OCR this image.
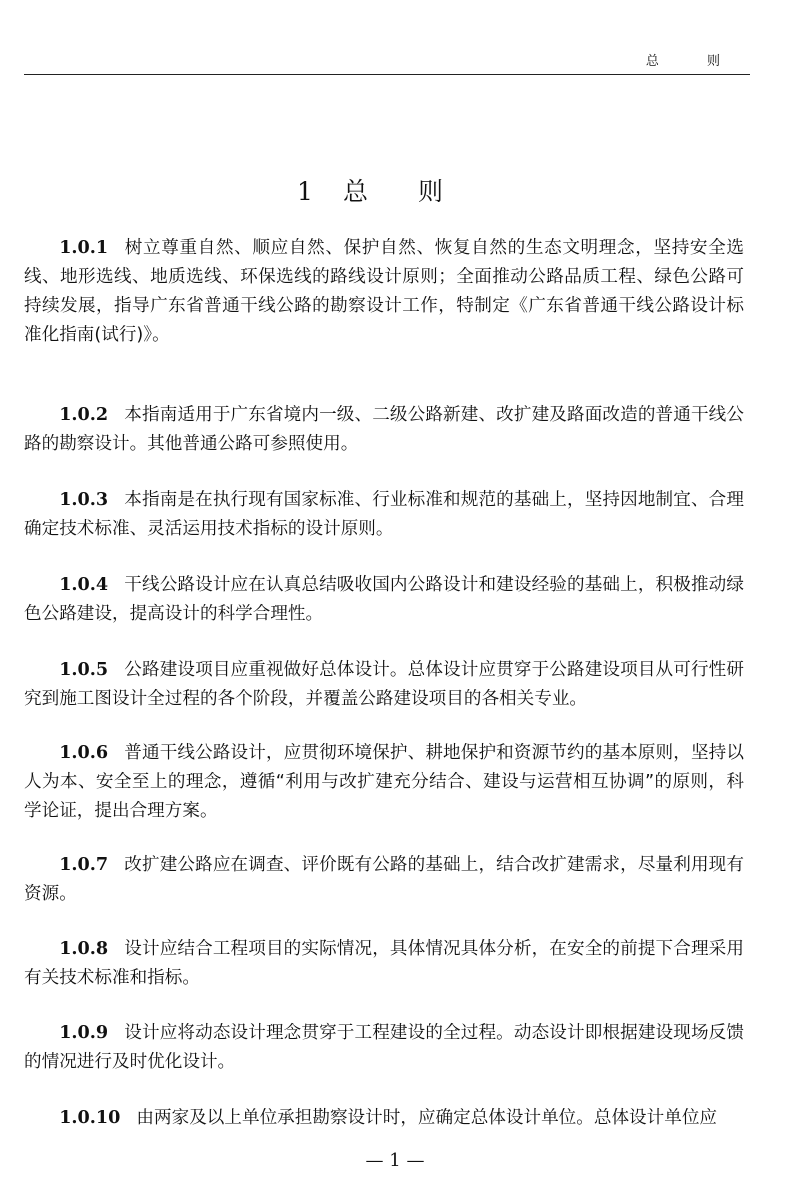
总 则
1 总则
1.0.1 树立尊重自然、顺应自然、保护自然、恢复自然的生态文明理念，坚持安全选线、地形选线、地质选线、环保选线的路线设计原则；全面推动公路品质工程、绿色公路可持续发展，指导广东省普通干线公路的勘察设计工作，特制定《广东省普通干线公路设计标准化指南(试行)》。
1.0.2 本指南适用于广东省境内一级、二级公路新建、改扩建及路面改造的普通干线公路的勘察设计。其他普通公路可参照使用。
1.0.3 本指南是在执行现有国家标准、行业标准和规范的基础上，坚持因地制宜、合理确定技术标准、灵活运用技术指标的设计原则。
1.0.4 干线公路设计应在认真总结吸收国内公路设计和建设经验的基础上，积极推动绿色公路建设，提高设计的科学合理性。
1.0.5 公路建设项目应重视做好总体设计。总体设计应贯穿于公路建设项目从可行性研究到施工图设计全过程的各个阶段，并覆盖公路建设项目的各相关专业。
1.0.6 普通干线公路设计，应贯彻环境保护、耕地保护和资源节约的基本原则，坚持以人为本、安全至上的理念，遵循“利用与改扩建充分结合、建设与运营相互协调”的原则，科学论证，提出合理方案。
1.0.7 改扩建公路应在调查、评价既有公路的基础上，结合改扩建需求，尽量利用现有资源。
1.0.8 设计应结合工程项目的实际情况，具体情况具体分析，在安全的前提下合理采用有关技术标准和指标。
1.0.9 设计应将动态设计理念贯穿于工程建设的全过程。动态设计即根据建设现场反馈的情况进行及时优化设计。
1.0.10 由两家及以上单位承担勘察设计时，应确定总体设计单位。总体设计单位应
— 1 —
